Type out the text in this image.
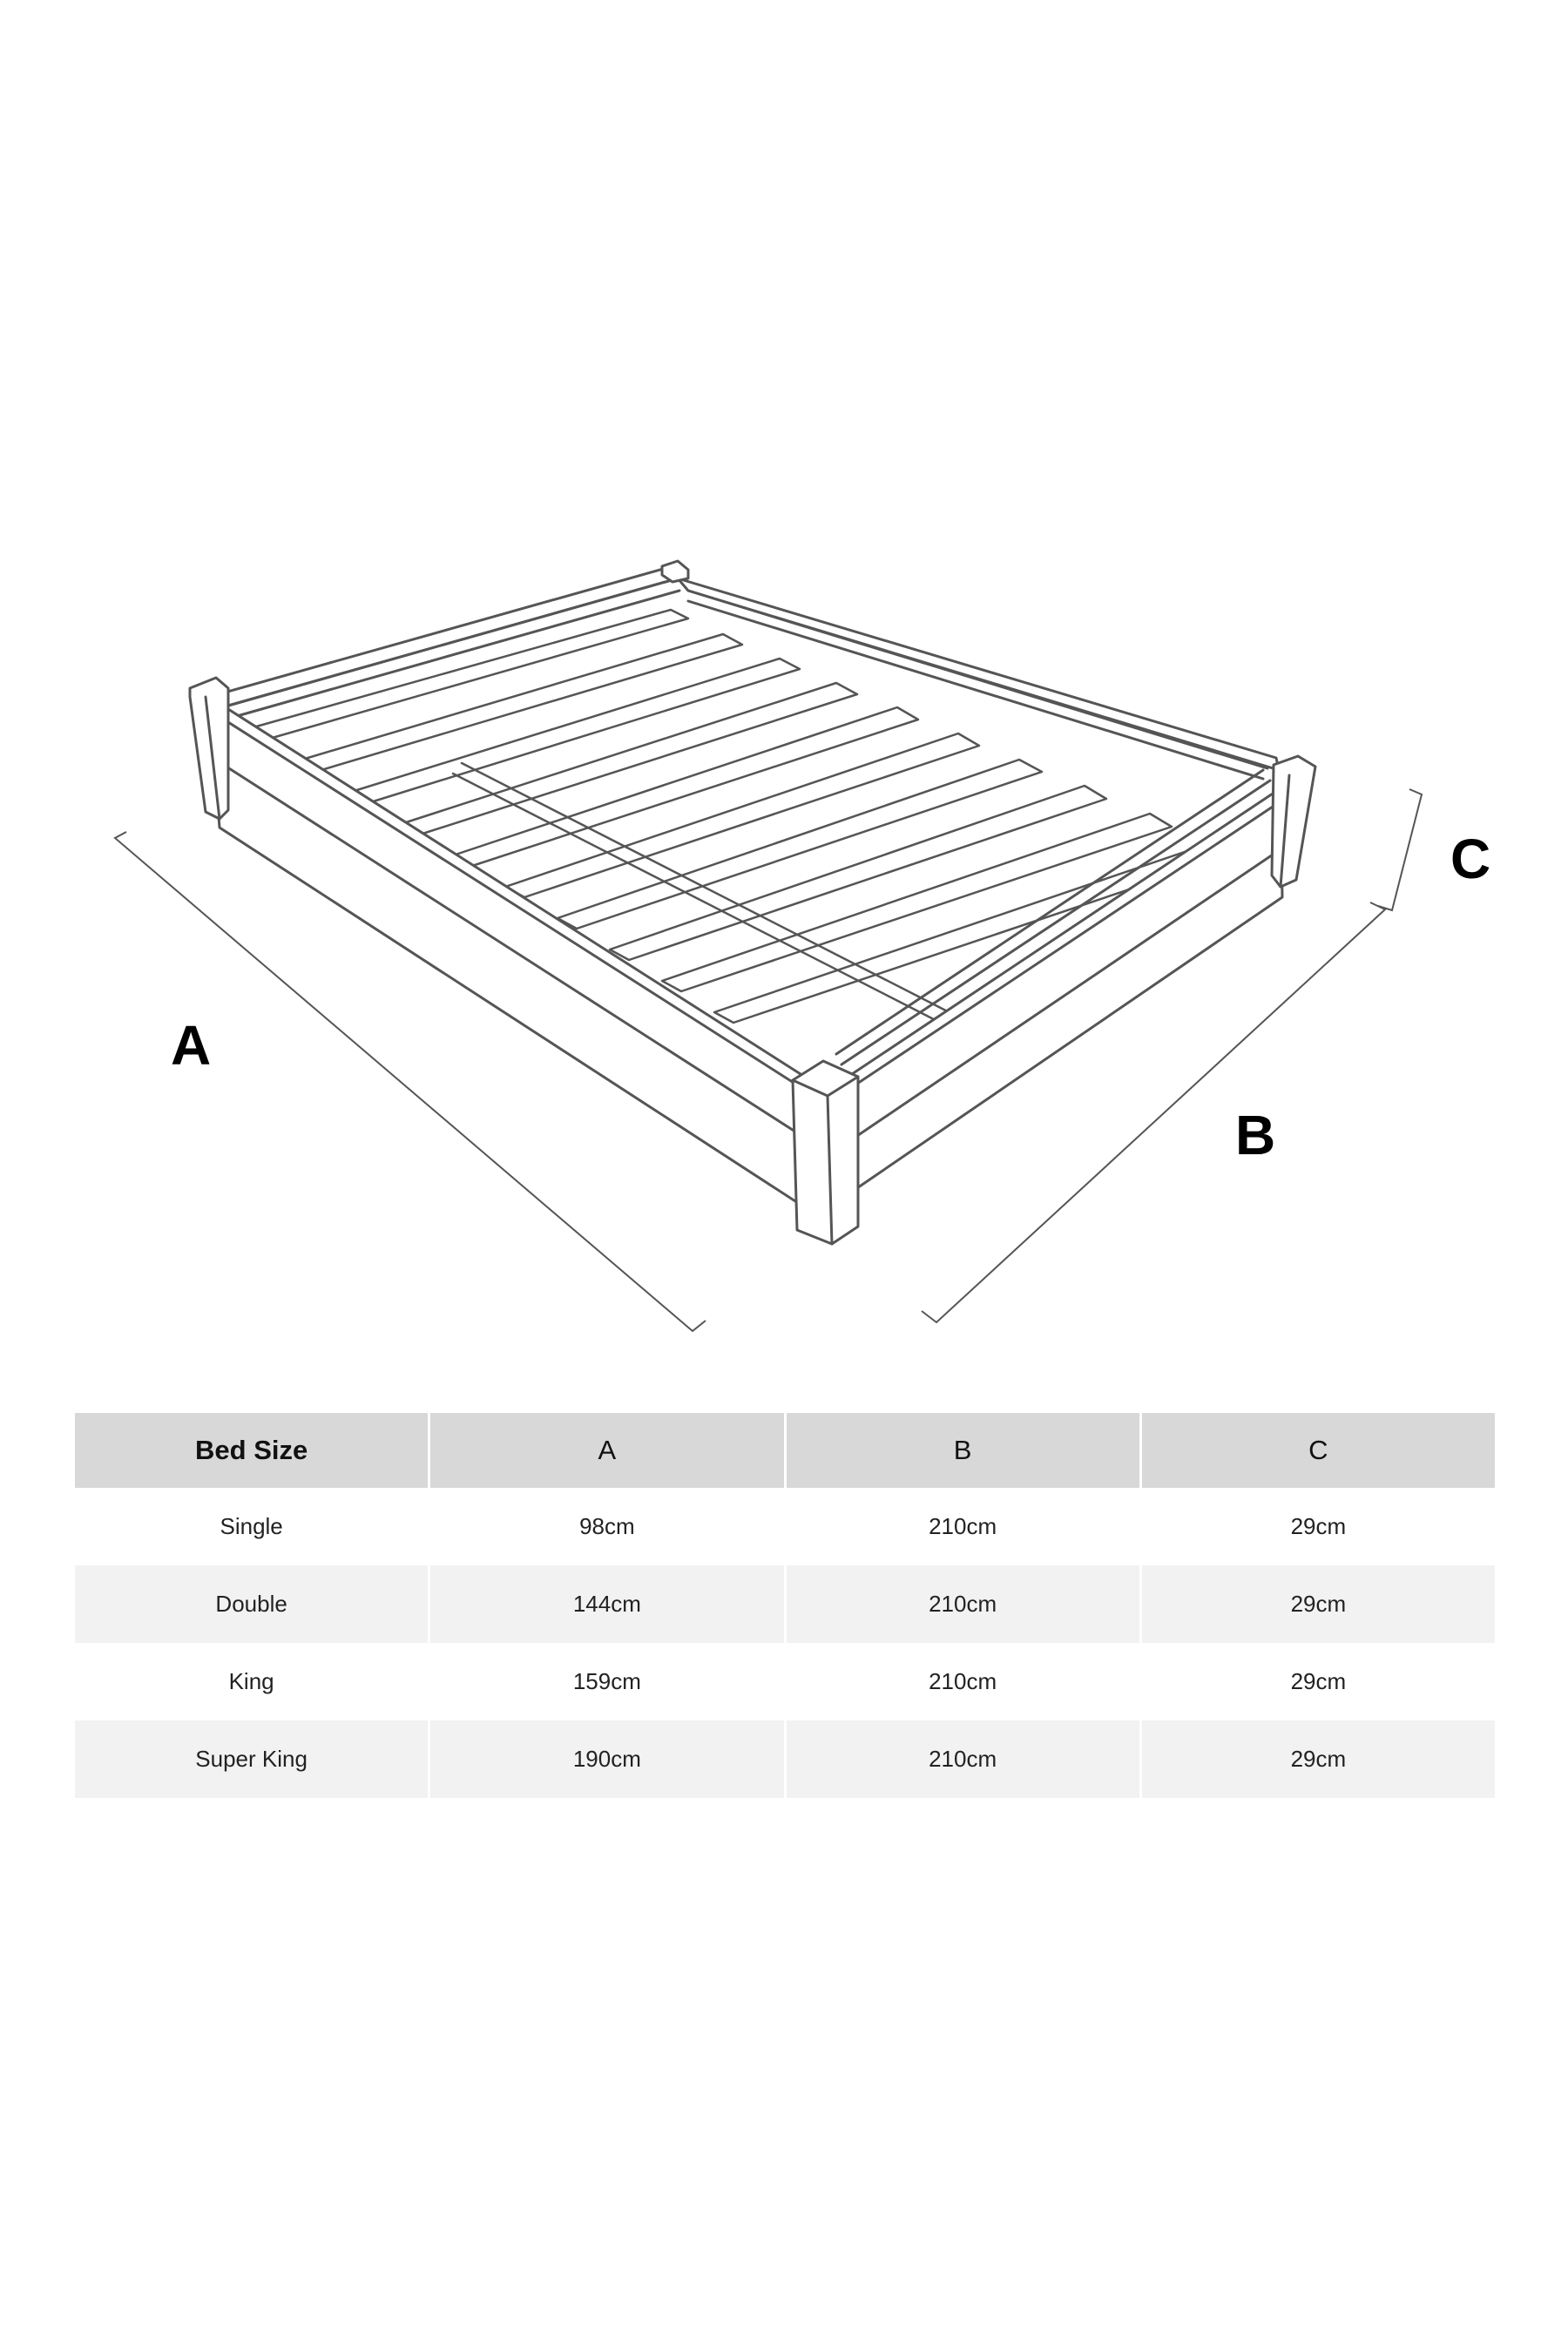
A
B
C
Bed Size	A	B	C
Single	98cm	210cm	29cm
Double	144cm	210cm	29cm
King	159cm	210cm	29cm
Super King	190cm	210cm	29cm
